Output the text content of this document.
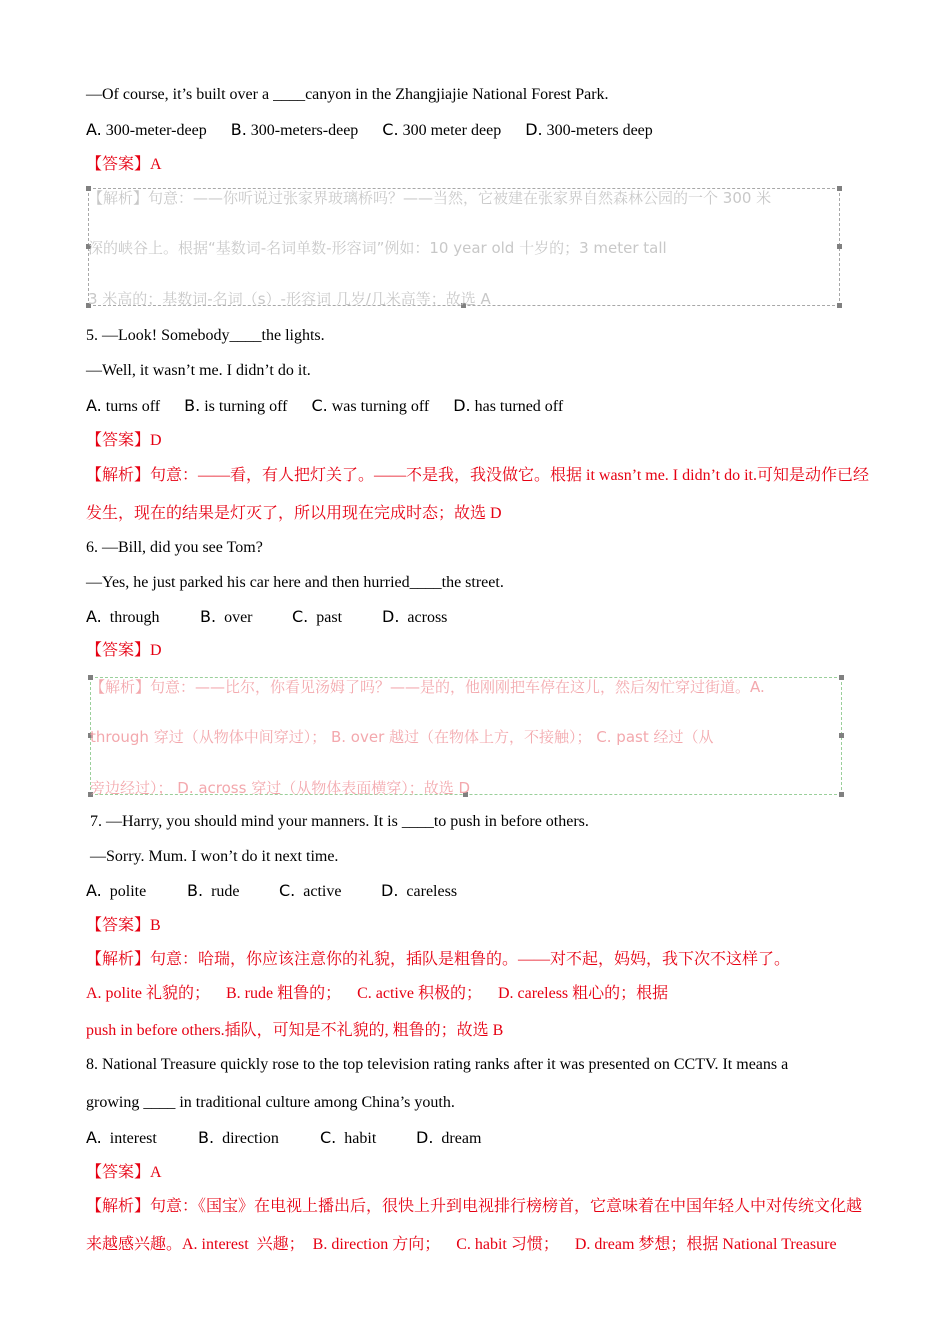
—Of course, it’s built over a ____canyon in the Zhangjiajie National Forest Park.
A. 300-meter-deep B. 300-meters-deep C. 300 meter deep D. 300-meters deep
【答案】A
【解析】句意：——你听说过张家界玻璃桥吗？——当然，它被建在张家界自然森林公园的一个 300 米
深的峡谷上。根据“基数词-名词单数-形容词”例如：10 year old 十岁的；3 meter tall
3 米高的；基数词-名词（s）-形容词 几岁/几米高等；故选 A
5. —Look! Somebody____the lights.
—Well, it wasn’t me. I didn’t do it.
A. turns off B. is turning off C. was turning off D. has turned off
【答案】D
【解析】句意：——看，有人把灯关了。——不是我，我没做它。根据 it wasn’t me. I didn’t do it.可知是动作已经
发生，现在的结果是灯灭了，所以用现在完成时态；故选 D
6. —Bill, did you see Tom?
—Yes, he just parked his car here and then hurried____the street.
A. through	B. over C. past D. across
【答案】D
【解析】句意：——比尔，你看见汤姆了吗？——是的，他刚刚把车停在这儿，然后匆忙穿过街道。A.
through 穿过（从物体中间穿过）； B. over 越过（在物体上方，不接触）； C. past 经过（从
旁边经过）； D. across 穿过（从物体表面横穿）；故选 D
7. —Harry, you should mind your manners. It is ____to push in before others.
—Sorry. Mum. I won’t do it next time.
A. polite	B. rude C. active D. careless
【答案】B
【解析】句意：哈瑞，你应该注意你的礼貌，插队是粗鲁的。——对不起，妈妈，我下次不这样了。
A. polite 礼貌的；    B. rude 粗鲁的；    C. active 积极的；    D. careless 粗心的；根据
push in before others.插队，可知是不礼貌的, 粗鲁的；故选 B
8. National Treasure quickly rose to the top television rating ranks after it was presented on CCTV. It means a
growing ____ in traditional culture among China’s youth.
A. interest	B. direction	C. habit D. dream
【答案】A
【解析】句意：《国宝》在电视上播出后，很快上升到电视排行榜榜首，它意味着在中国年轻人中对传统文化越
来越感兴趣。A. interest  兴趣；  B. direction 方向；    C. habit 习惯；    D. dream 梦想；根据 National Treasure
